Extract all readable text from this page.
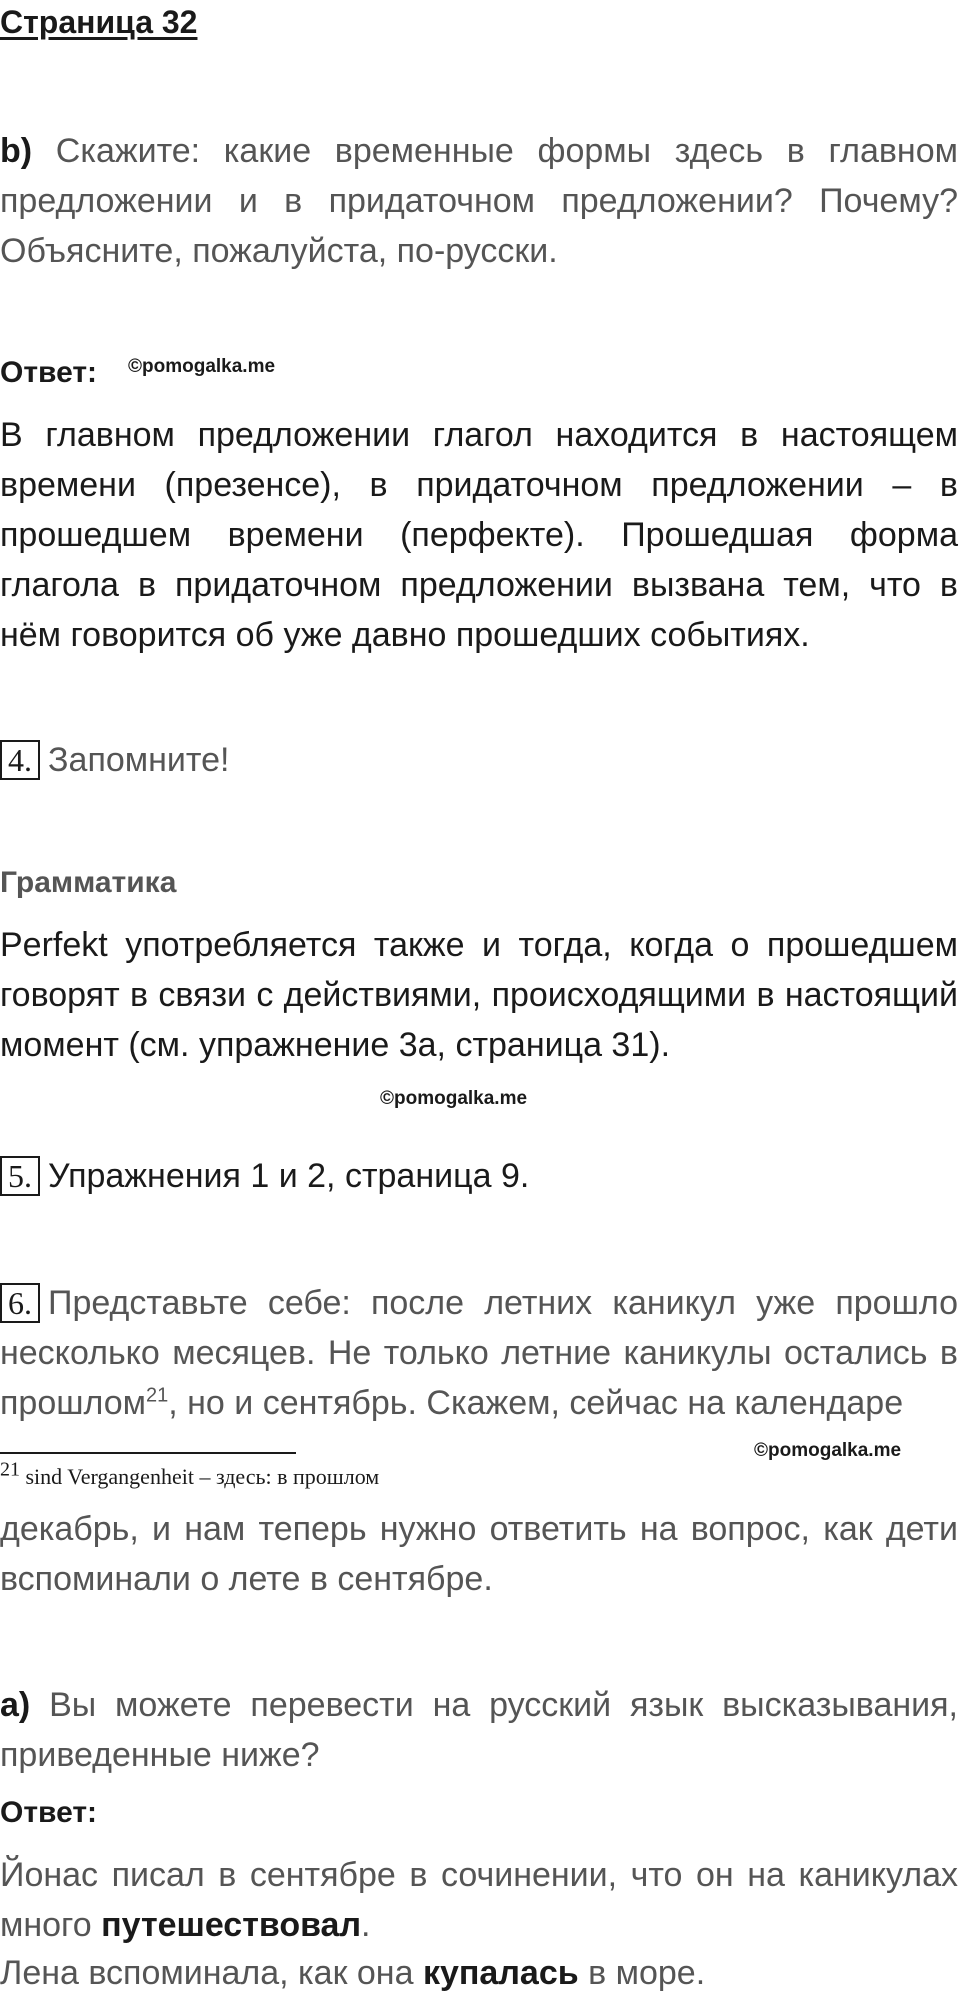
Страница 32

b) Скажите: какие временные формы здесь в главном предложении и в придаточном предложении? Почему? Объясните, пожалуйста, по-русски.

Ответ: ©pomogalka.me

В главном предложении глагол находится в настоящем времени (презенсе), в придаточном предложении – в прошедшем времени (перфекте). Прошедшая форма глагола в придаточном предложении вызвана тем, что в нём говорится об уже давно прошедших событиях.

4. Запомните!
Грамматика

Perfekt употребляется также и тогда, когда о прошедшем говорят в связи с действиями, происходящими в настоящий момент (см. упражнение 3а, страница 31).

©pomogalka.me
5. Упражнения 1 и 2, страница 9.

6. Представьте себе: после летних каникул уже прошло несколько месяцев. Не только летние каникулы остались в прошлом$^{21}$, но и сентябрь. Скажем, сейчас на календаре

©pomogalka.me
$^{21}$ sind Vergangenheit – здесь: в прошлом

декабрь, и нам теперь нужно ответить на вопрос, как дети вспоминали о лете в сентябре.

a) Вы можете перевести на русский язык высказывания, приведенные ниже?

Ответ:

Йонас писал в сентябре в сочинении, что он на каникулах много путешествовал.

Лена вспоминала, как она купалась в море.
